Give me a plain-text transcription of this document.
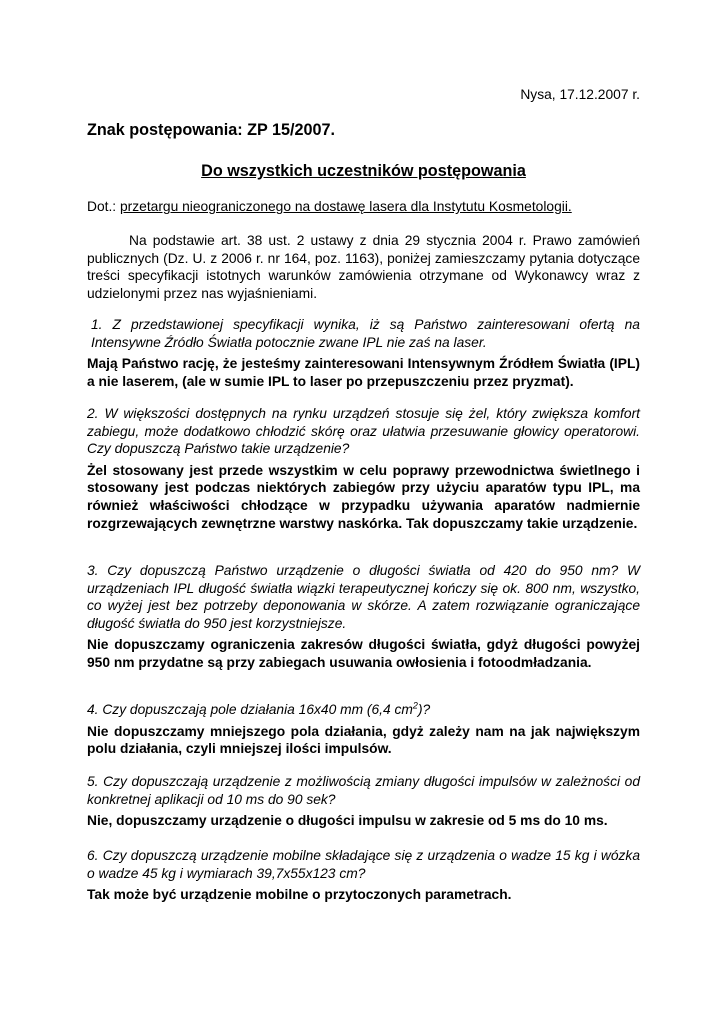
Nysa, 17.12.2007 r.
Znak postępowania: ZP 15/2007.
Do wszystkich uczestników postępowania
Dot.: przetargu nieograniczonego na dostawę lasera dla Instytutu Kosmetologii.

Na podstawie art. 38 ust. 2 ustawy z dnia 29 stycznia 2004 r. Prawo zamówień publicznych (Dz. U. z 2006 r. nr 164, poz. 1163), poniżej zamieszczamy pytania dotyczące treści specyfikacji istotnych warunków zamówienia otrzymane od Wykonawcy wraz z udzielonymi przez nas wyjaśnieniami.

1. Z przedstawionej specyfikacji wynika, iż są Państwo zainteresowani ofertą na Intensywne Źródło Światła potocznie zwane IPL nie zaś na laser.

Mają Państwo rację, że jesteśmy zainteresowani Intensywnym Źródłem Światła (IPL) a nie laserem, (ale w sumie IPL to laser po przepuszczeniu przez pryzmat).

2. W większości dostępnych na rynku urządzeń stosuje się żel, który zwiększa komfort zabiegu, może dodatkowo chłodzić skórę oraz ułatwia przesuwanie głowicy operatorowi. Czy dopuszczą Państwo takie urządzenie?

Żel stosowany jest przede wszystkim w celu poprawy przewodnictwa świetlnego i stosowany jest podczas niektórych zabiegów przy użyciu aparatów typu IPL, ma również właściwości chłodzące w przypadku używania aparatów nadmiernie rozgrzewających zewnętrzne warstwy naskórka. Tak dopuszczamy takie urządzenie.

3. Czy dopuszczą Państwo urządzenie o długości światła od 420 do 950 nm? W urządzeniach IPL długość światła wiązki terapeutycznej kończy się ok. 800 nm, wszystko, co wyżej jest bez potrzeby deponowania w skórze. A zatem rozwiązanie ograniczające długość światła do 950 jest korzystniejsze.

Nie dopuszczamy ograniczenia zakresów długości światła, gdyż długości powyżej 950 nm przydatne są przy zabiegach usuwania owłosienia i fotoodmładzania.

4. Czy dopuszczają pole działania 16x40 mm (6,4 $cm^2$)?

Nie dopuszczamy mniejszego pola działania, gdyż zależy nam na jak największym polu działania, czyli mniejszej ilości impulsów.

5. Czy dopuszczają urządzenie z możliwością zmiany długości impulsów w zależności od konkretnej aplikacji od 10 ms do 90 sek?

Nie, dopuszczamy urządzenie o długości impulsu w zakresie od 5 ms do 10 ms.

6. Czy dopuszczą urządzenie mobilne składające się z urządzenia o wadze 15 kg i wózka o wadze 45 kg i wymiarach 39,7x55x123 cm?

Tak może być urządzenie mobilne o przytoczonych parametrach.
